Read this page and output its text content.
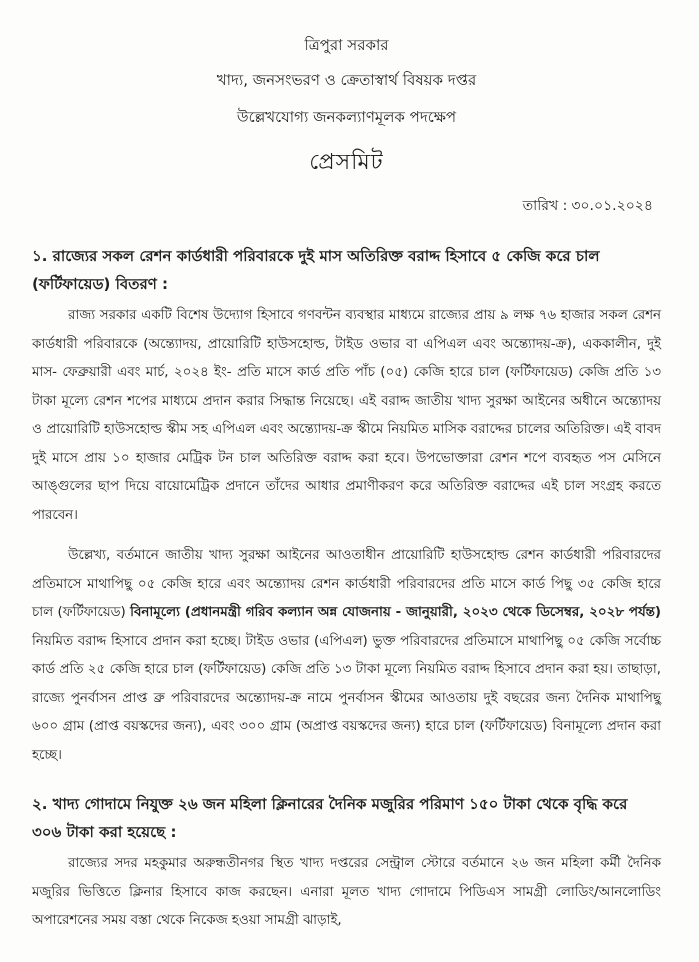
ত্রিপুরা সরকার

খাদ্য, জনসংভরণ ও ক্রেতাস্বার্থ বিষয়ক দপ্তর

উল্লেখযোগ্য জনকল্যাণমূলক পদক্ষেপ

প্রেসমিট

তারিখ : ৩০.০১.২০২৪

১. রাজ্যের সকল রেশন কার্ডধারী পরিবারকে দুই মাস অতিরিক্ত বরাদ্দ হিসাবে ৫ কেজি করে চাল (ফর্টিফায়েড) বিতরণ :

রাজ্য সরকার একটি বিশেষ উদ্যোগ হিসাবে গণবন্টন ব্যবস্থার মাধ্যমে রাজ্যের প্রায় ৯ লক্ষ ৭৬ হাজার সকল রেশন কার্ডধারী পরিবারকে (অন্ত্যোদয়, প্রায়োরিটি হাউসহোল্ড, টাইড ওভার বা এপিএল এবং অন্ত্যোদয়-ক্র), এককালীন, দুই মাস- ফেব্রুয়ারী এবং মার্চ, ২০২৪ ইং- প্রতি মাসে কার্ড প্রতি পাঁচ (০৫) কেজি হারে চাল (ফর্টিফায়েড) কেজি প্রতি ১৩ টাকা মূল্যে রেশন শপের মাধ্যমে প্রদান করার সিদ্ধান্ত নিয়েছে। এই বরাদ্দ জাতীয় খাদ্য সুরক্ষা আইনের অধীনে অন্ত্যোদয় ও প্রায়োরিটি হাউসহোল্ড স্কীম সহ এপিএল এবং অন্ত্যোদয়-ক্র স্কীমে নিয়মিত মাসিক বরাদ্দের চালের অতিরিক্ত। এই বাবদ দুই মাসে প্রায় ১০ হাজার মেট্রিক টন চাল অতিরিক্ত বরাদ্দ করা হবে। উপভোক্তারা রেশন শপে ব্যবহৃত পস মেসিনে আঙ্গুলের ছাপ দিয়ে বায়োমেট্রিক প্রদানে তাঁদের আধার প্রমাণীকরণ করে অতিরিক্ত বরাদ্দের এই চাল সংগ্রহ করতে পারবেন।

উল্লেখ্য, বর্তমানে জাতীয় খাদ্য সুরক্ষা আইনের আওতাধীন প্রায়োরিটি হাউসহোল্ড রেশন কার্ডধারী পরিবারদের প্রতিমাসে মাথাপিছু ০৫ কেজি হারে এবং অন্ত্যোদয় রেশন কার্ডধারী পরিবারদের প্রতি মাসে কার্ড পিছু ৩৫ কেজি হারে চাল (ফর্টিফায়েড) বিনামূল্যে (প্রধানমন্ত্রী গরিব কল্যান অন্ন যোজনায় - জানুয়ারী, ২০২৩ থেকে ডিসেম্বর, ২০২৮ পর্যন্ত) নিয়মিত বরাদ্দ হিসাবে প্রদান করা হচ্ছে। টাইড ওভার (এপিএল) ভুক্ত পরিবারদের প্রতিমাসে মাথাপিছু ০৫ কেজি সর্বোচ্চ কার্ড প্রতি ২৫ কেজি হারে চাল (ফর্টিফায়েড) কেজি প্রতি ১৩ টাকা মূল্যে নিয়মিত বরাদ্দ হিসাবে প্রদান করা হয়। তাছাড়া, রাজ্যে পুনর্বাসন প্রাপ্ত ব্রু পরিবারদের অন্ত্যোদয়-ক্র নামে পুনর্বাসন স্কীমের আওতায় দুই বছরের জন্য দৈনিক মাথাপিছু ৬০০ গ্রাম (প্রাপ্ত বয়স্কদের জন্য), এবং ৩০০ গ্রাম (অপ্রাপ্ত বয়স্কদের জন্য) হারে চাল (ফর্টিফায়েড) বিনামূল্যে প্রদান করা হচ্ছে।

২. খাদ্য গোদামে নিযুক্ত ২৬ জন মহিলা ক্লিনারের দৈনিক মজুরির পরিমাণ ১৫০ টাকা থেকে বৃদ্ধি করে ৩০৬ টাকা করা হয়েছে :

রাজ্যের সদর মহকুমার অরুন্ধতীনগর স্থিত খাদ্য দপ্তরের সেন্ট্রাল স্টোরে বর্তমানে ২৬ জন মহিলা কর্মী দৈনিক মজুরির ভিত্তিতে ক্লিনার হিসাবে কাজ করছেন। এনারা মূলত খাদ্য গোদামে পিডিএস সামগ্রী লোডিং/আনলোডিং অপারেশনের সময় বস্তা থেকে নিকেজ হওয়া সামগ্রী ঝাড়াই,
